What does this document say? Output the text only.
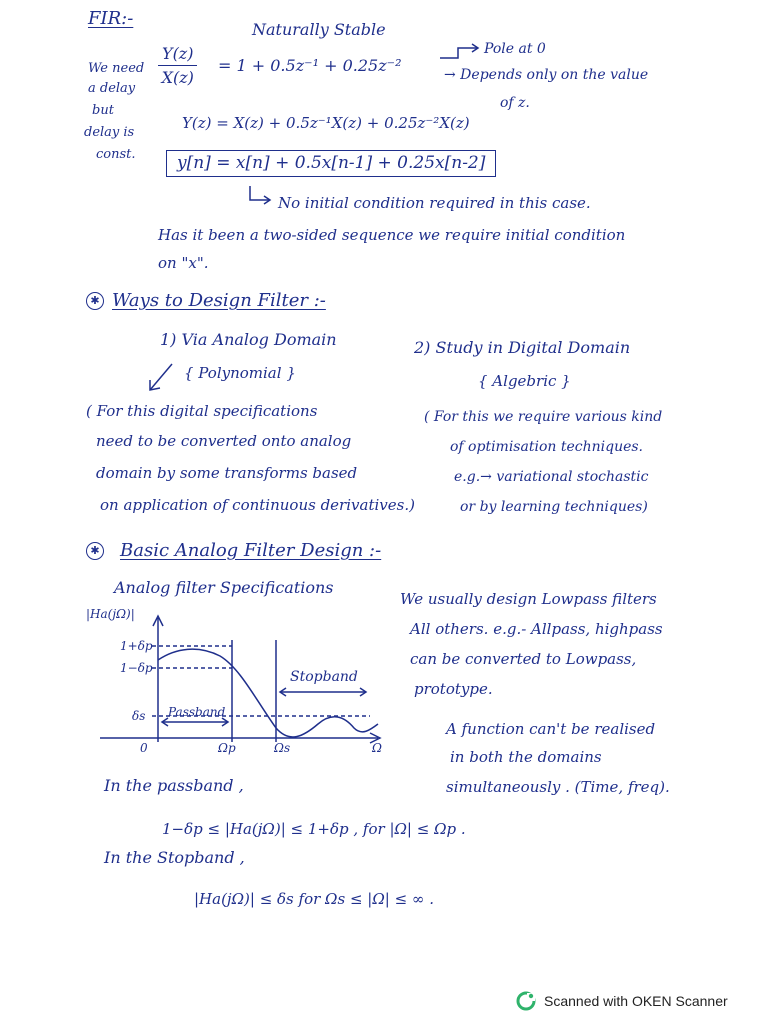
FIR:-
Naturally Stable
We need
a delay
but
delay is
const.
$\frac{Y(z)}{X(z)} = 1 + 0.5z^{-1} + 0.25z^{-2}$
Pole at 0
→ Depends only on the value
of z.
Y(z) = X(z) + 0.5z⁻¹X(z) + 0.25z⁻²X(z)
y[n] = x[n] + 0.5x[n-1] + 0.25x[n-2]
No initial condition required in this case.
Has it been a two-sided sequence we require initial condition
on "x".
✱ Ways to Design Filter :-
1) Via Analog Domain
{ Polynomial }
2) Study in Digital Domain
{ Algebric }
( For this digital specifications
need to be converted onto analog
domain by some transforms based
on application of continuous derivatives.)
( For this we require various kind
of optimisation techniques.
e.g.→ variational stochastic
or by learning techniques)
✱ Basic Analog Filter Design :-
Analog filter Specifications
We usually design Lowpass filters
All others. e.g.- Allpass, highpass
can be converted to Lowpass,
prototype.
A function can't be realised
in both the domains
simultaneously . (Time, freq).
|Ha(jΩ)|
1+δp
1−δp
δs
0	Ωp	Ωs	Ω
Passband
Stopband
In the passband ,
1−δp ≤ |Ha(jΩ)| ≤ 1+δp , for |Ω| ≤ Ωp .
In the Stopband ,
|Ha(jΩ)| ≤ δs for Ωs ≤ |Ω| ≤ ∞ .
Scanned with OKEN Scanner
